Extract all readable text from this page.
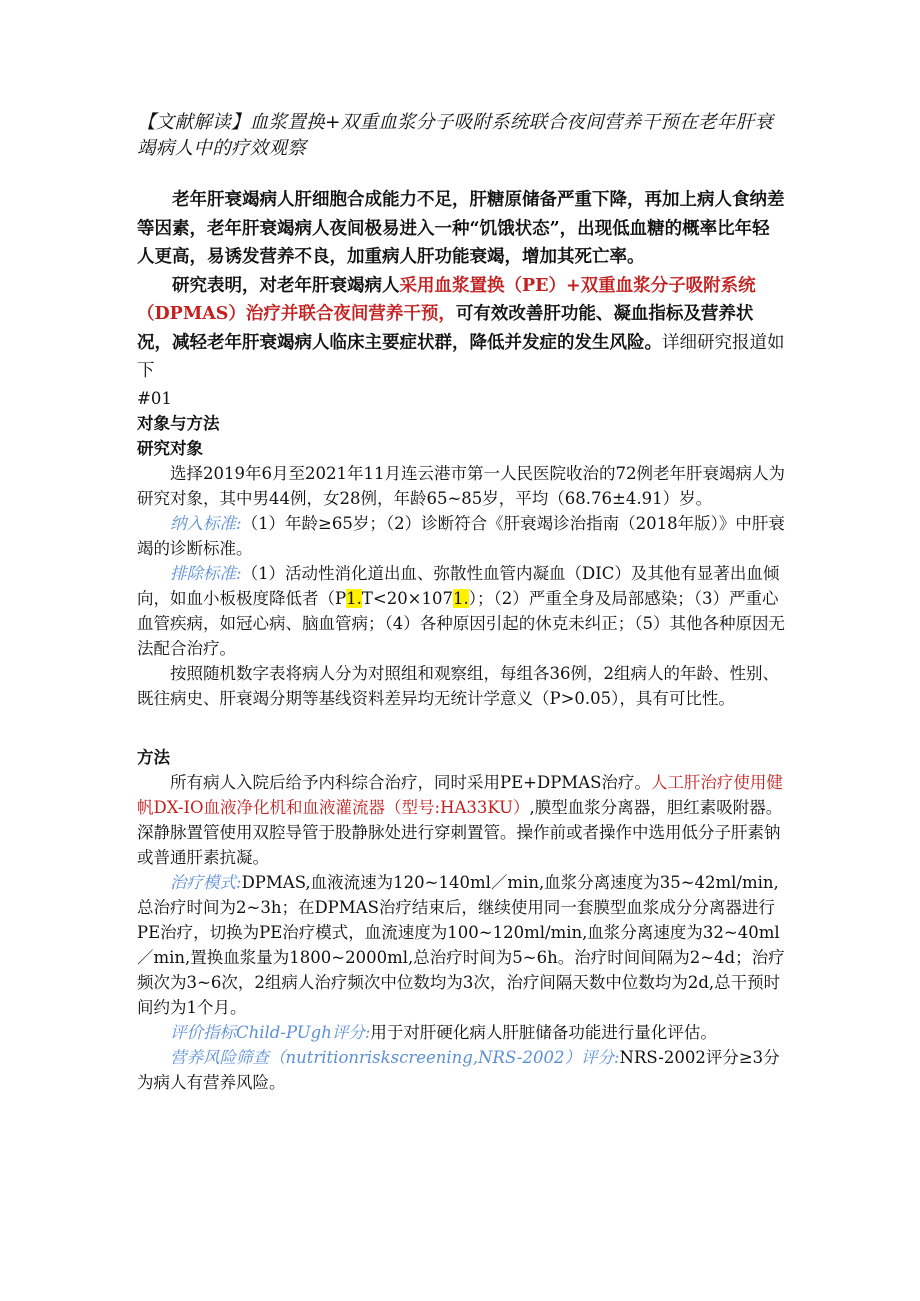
【文献解读】血浆置换+双重血浆分子吸附系统联合夜间营养干预在老年肝衰竭病人中的疗效观察

老年肝衰竭病人肝细胞合成能力不足，肝糖原储备严重下降，再加上病人食纳差等因素，老年肝衰竭病人夜间极易进入一种“饥饿状态”，出现低血糖的概率比年轻人更高，易诱发营养不良，加重病人肝功能衰竭，增加其死亡率。

研究表明，对老年肝衰竭病人采用血浆置换（PE）+双重血浆分子吸附系统（DPMAS）治疗并联合夜间营养干预，可有效改善肝功能、凝血指标及营养状况，减轻老年肝衰竭病人临床主要症状群，降低并发症的发生风险。详细研究报道如下

#01

对象与方法

研究对象

选择2019年6月至2021年11月连云港市第一人民医院收治的72例老年肝衰竭病人为研究对象，其中男44例，女28例，年龄65~85岁，平均（68.76±4.91）岁。

纳入标准:（1）年龄≥65岁；（2）诊断符合《肝衰竭诊治指南（2018年版）》中肝衰竭的诊断标准。

排除标准:（1）活动性消化道出血、弥散性血管内凝血（DIC）及其他有显著出血倾向，如血小板极度降低者（P1.T<20×1071.）；（2）严重全身及局部感染；（3）严重心血管疾病，如冠心病、脑血管病；（4）各种原因引起的休克未纠正；（5）其他各种原因无法配合治疗。

按照随机数字表将病人分为对照组和观察组，每组各36例，2组病人的年龄、性别、既往病史、肝衰竭分期等基线资料差异均无统计学意义（P>0.05），具有可比性。

方法

所有病人入院后给予内科综合治疗，同时采用PE+DPMAS治疗。人工肝治疗使用健帆DX-IO血液净化机和血液灌流器（型号:HA33KU）,膜型血浆分离器，胆红素吸附器。深静脉置管使用双腔导管于股静脉处进行穿刺置管。操作前或者操作中选用低分子肝素钠或普通肝素抗凝。

治疗模式:DPMAS,血液流速为120~140ml／min,血浆分离速度为35~42ml/min,总治疗时间为2~3h；在DPMAS治疗结束后，继续使用同一套膜型血浆成分分离器进行PE治疗，切换为PE治疗模式，血流速度为100~120ml/min,血浆分离速度为32~40ml／min,置换血浆量为1800~2000ml,总治疗时间为5~6h。治疗时间间隔为2~4d；治疗频次为3~6次，2组病人治疗频次中位数均为3次，治疗间隔天数中位数均为2d,总干预时间约为1个月。

评价指标Child-PUgh评分:用于对肝硬化病人肝脏储备功能进行量化评估。

营养风险筛查（nutritionriskscreening,NRS-2002）评分:NRS-2002评分≥3分为病人有营养风险。
